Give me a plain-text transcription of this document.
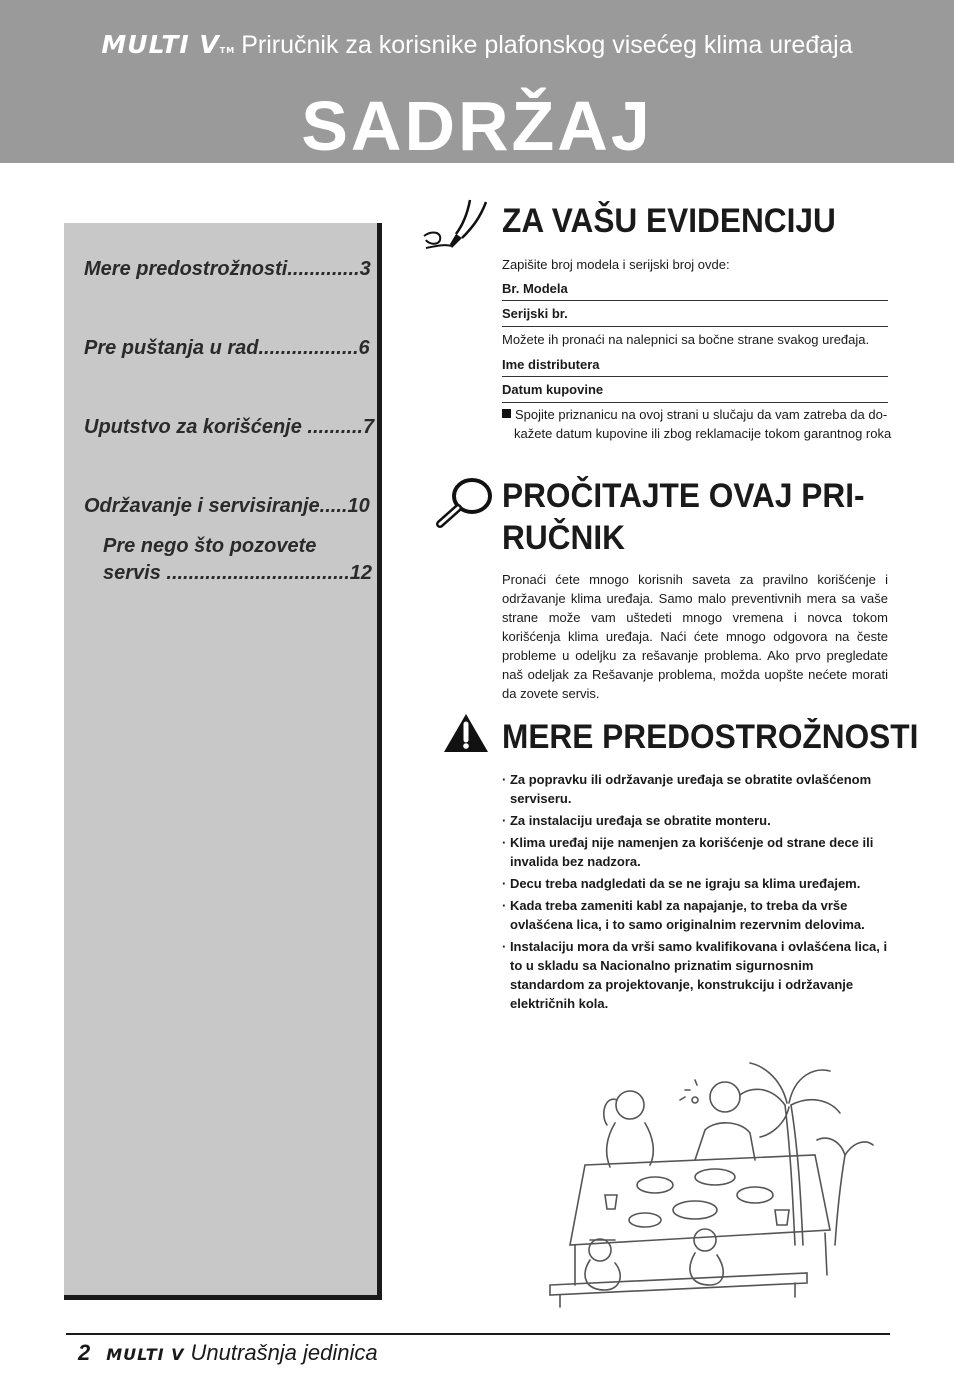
MULTI VTM Priručnik za korisnike plafonskog visećeg klima uređaja
SADRŽAJ
Mere predostrožnosti.............3
Pre puštanja u rad..................6
Uputstvo za korišćenje ..........7
Održavanje i servisiranje.....10
Pre nego što pozovete
servis .................................12
ZA VAŠU EVIDENCIJU
Zapišite broj modela i serijski broj ovde:
Br. Modela
Serijski br.
Možete ih pronaći na nalepnici sa bočne strane svakog uređaja.
Ime distributera
Datum kupovine
Spojite priznanicu na ovoj strani u slučaju da vam zatreba da do-
kažete datum kupovine ili zbog reklamacije tokom garantnog roka
PROČITAJTE OVAJ PRI-
RUČNIK
Pronaći ćete mnogo korisnih saveta za pravilno korišćenje i održavanje klima uređaja. Samo malo preventivnih mera sa vaše strane može vam uštedeti mnogo vremena i novca tokom korišćenja klima uređaja. Naći ćete mnogo odgovora na česte probleme u odeljku za rešavanje problema. Ako prvo pregledate naš odeljak za Rešavanje problema, možda uopšte nećete morati da zovete servis.
MERE PREDOSTROŽNOSTI
· Za popravku ili održavanje uređaja se obratite ovlašćenom serviseru.
· Za instalaciju uređaja se obratite monteru.
· Klima uređaj nije namenjen za korišćenje od strane dece ili invalida bez nadzora.
· Decu treba nadgledati da se ne igraju sa klima uređajem.
· Kada treba zameniti kabl za napajanje, to treba da vrše ovlašćena lica, i to samo originalnim rezervnim delovima.
· Instalaciju mora da vrši samo kvalifikovana i ovlašćena lica, i to u skladu sa Nacionalno priznatim sigurnosnim standardom za projektovanje, konstrukciju i održavanje električnih kola.
2 MULTI V Unutrašnja jedinica
